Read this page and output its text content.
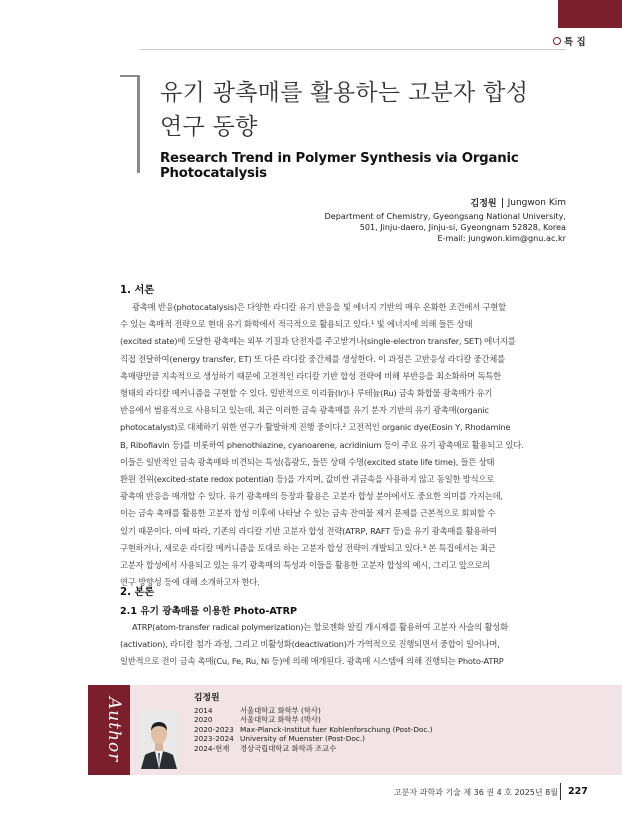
특 집
유기 광촉매를 활용하는 고분자 합성
연구 동향
Research Trend in Polymer Synthesis via Organic Photocatalysis
김정원 Jungwon Kim
Department of Chemistry, Gyeongsang National University,
501, Jinju-daero, Jinju-si, Gyeongnam 52828, Korea
E-mail: jungwon.kim@gnu.ac.kr
1. 서론
광촉매 반응(photocatalysis)은 다양한 라디칼 유기 반응을 빛 에너지 기반의 매우 온화한 조건에서 구현할
수 있는 촉매적 전략으로 현대 유기 화학에서 적극적으로 활용되고 있다.¹ 빛 에너지에 의해 들뜬 상태
(excited state)에 도달한 광촉매는 외부 기질과 단전자를 주고받거나(single-electron transfer, SET) 에너지를
직접 전달하여(energy transfer, ET) 또 다른 라디칼 중간체를 생성한다. 이 과정은 고반응성 라디칼 중간체를
촉매량만큼 지속적으로 생성하기 때문에 고전적인 라디칼 기반 합성 전략에 비해 부반응을 최소화하며 독특한
형태의 라디칼 메커니즘을 구현할 수 있다. 일반적으로 이리듐(Ir)나 루테늄(Ru) 금속 화합물 광촉매가 유기
반응에서 범용적으로 사용되고 있는데, 최근 이러한 금속 광촉매를 유기 분자 기반의 유기 광촉매(organic
photocatalyst)로 대체하기 위한 연구가 활발하게 진행 중이다.² 고전적인 organic dye(Eosin Y, Rhodamine
B, Riboflavin 등)를 비롯하여 phenothiazine, cyanoarene, acridinium 등이 주요 유기 광촉매로 활용되고 있다.
이들은 일반적인 금속 광촉매와 비견되는 특성(흡광도, 들뜬 상태 수명(excited state life time), 들뜬 상태
환원 전위(excited-state redox potential) 등)을 가지며, 값비싼 귀금속을 사용하지 않고 동일한 방식으로
광촉매 반응을 매개할 수 있다. 유기 광촉매의 등장과 활용은 고분자 합성 분야에서도 중요한 의미를 가지는데,
이는 금속 촉매를 활용한 고분자 합성 이후에 나타날 수 있는 금속 잔여물 제거 문제를 근본적으로 회피할 수
있기 때문이다. 이에 따라, 기존의 라디칼 기반 고분자 합성 전략(ATRP, RAFT 등)을 유기 광촉매를 활용하여
구현하거나, 새로운 라디칼 메커니즘을 토대로 하는 고분자 합성 전략이 개발되고 있다.³ 본 특집에서는 최근
고분자 합성에서 사용되고 있는 유기 광촉매의 특성과 이들을 활용한 고분자 합성의 예시, 그리고 앞으로의
연구 방향성 등에 대해 소개하고자 한다.
2. 본론
2.1 유기 광촉매를 이용한 Photo-ATRP
ATRP(atom-transfer radical polymerization)는 할로젠화 알킬 개시제를 활용하여 고분자 사슬의 활성화
(activation), 라디칼 첨가 과정, 그리고 비활성화(deactivation)가 가역적으로 진행되면서 중합이 일어나며,
일반적으로 전이 금속 촉매(Cu, Fe, Ru, Ni 등)에 의해 매개된다. 광촉매 시스템에 의해 진행되는 Photo-ATRP
Author	김정원
2014	서울대학교 화학부 (학사)
2020	서울대학교 화학부 (박사)
2020-2023	Max-Planck-Institut fuer Kohlenforschung (Post-Doc.)
2023-2024	University of Muenster (Post-Doc.)
2024-현재	경상국립대학교 화학과 조교수
고분자 과학과 기술 제 36 권 4 호 2025년 8월 227
